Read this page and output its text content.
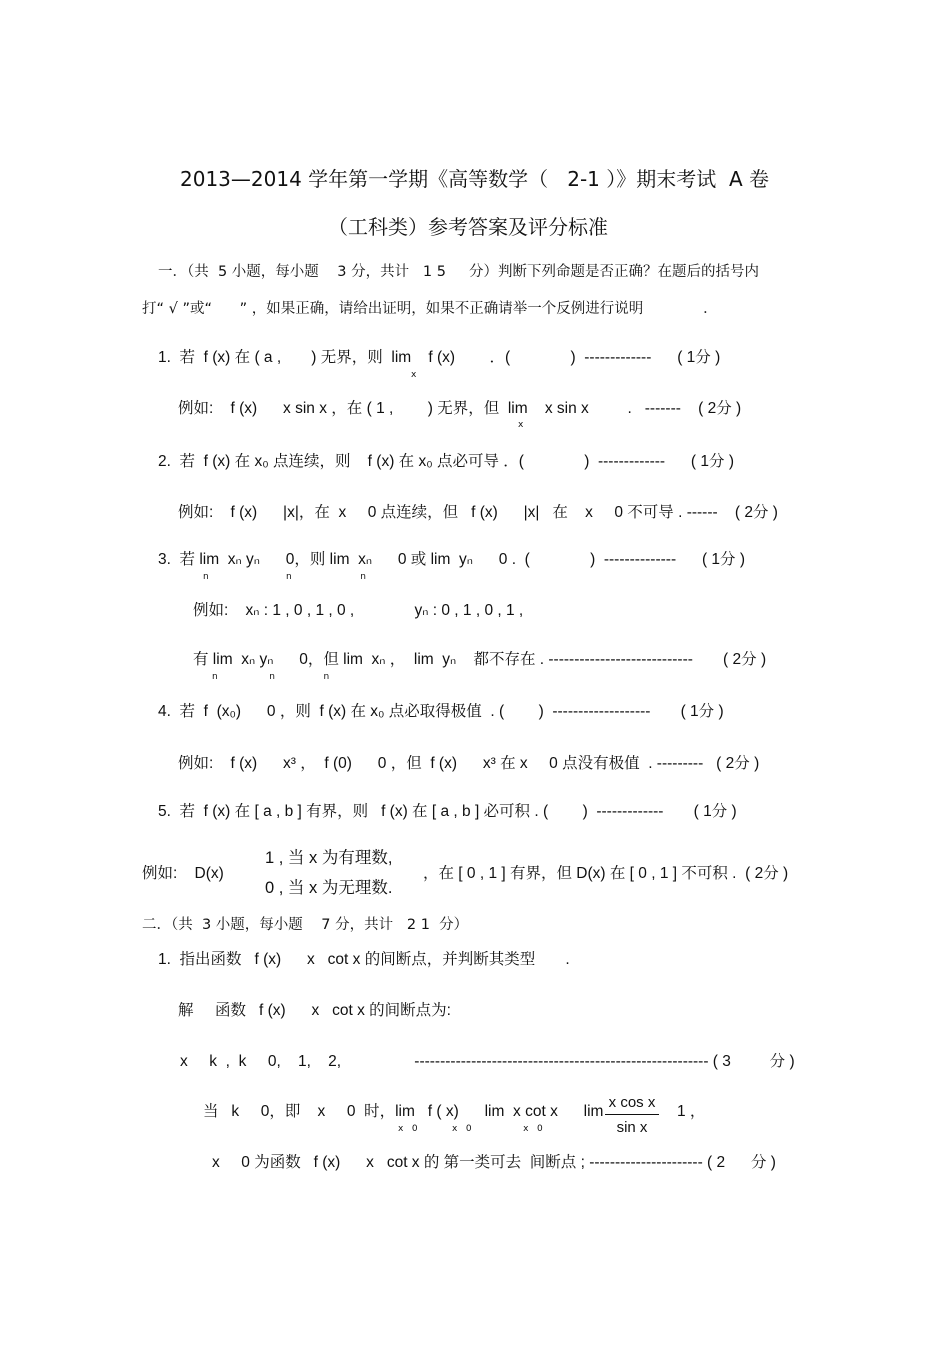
2013—2014 学年第一学期《高等数学（   2-1 ）》期末考试  A 卷
（工科类）参考答案及评分标准
一．（共  5 小题，每小题    3 分，共计   1 5     分）判断下列命题是否正确？在题后的括号内
打“ √ ”或“      ” ，如果正确，请给出证明，如果不正确请举一个反例进行说明             ．
1.  若  f (x) 在 ( a ,       ) 无界，则  lim    f (x)        ．(              )  -------------      ( 1分 )
x
例如:    f (x)      x sin x ，在 ( 1 ,        ) 无界，但  lim    x sin x         .   -------    ( 2分 )
x
2.  若  f (x) 在 x₀ 点连续，则    f (x) 在 x₀ 点必可导 ．(              )  -------------      ( 1分 )
例如:    f (x)      |x|，在  x     0 点连续，但   f (x)      |x|   在    x     0 不可导 . ------    ( 2分 )
3.  若 lim  xₙ yₙ      0，则 lim  xₙ      0 或 lim  yₙ      0 .  (              )  --------------      ( 1分 )
n                           n                        n
例如:    xₙ : 1 , 0 , 1 , 0 ,              yₙ : 0 , 1 , 0 , 1 ,
有 lim  xₙ yₙ      0，但 lim  xₙ ，  lim  yₙ    都不存在 . ----------------------------       ( 2分 )
n                  n                 n
4.  若  f  (x₀)      0 ，则  f (x) 在 x₀ 点必取得极值  . (        )  -------------------       ( 1分 )
例如:    f (x)      x³ ，  f (0)      0 ，但  f (x)      x³ 在 x     0 点没有极值  . ---------   ( 2分 )
5.  若  f (x) 在 [ a , b ] 有界，则   f (x) 在 [ a , b ] 必可积 . (        )  -------------       ( 1分 )
例如:    D(x)
1 , 当 x 为有理数,
0 , 当 x 为无理数.
，在 [ 0 , 1 ] 有界，但 D(x) 在 [ 0 , 1 ] 不可积 .  ( 2分 )
二．（共  3 小题，每小题    7 分，共计   2 1  分）
1.  指出函数   f (x)      x   cot x 的间断点，并判断其类型       .
解     函数   f (x)      x   cot x 的间断点为:
x     k  ,  k     0,    1,    2,                 --------------------------------------------------------- ( 3         分 )
当   k     0，即    x     0  时，lim   f ( x)      lim  x cot x      lim
x   0            x   0                  x   0
x cos x
sin x
1 ，
x     0 为函数   f (x)      x   cot x 的 第一类可去  间断点 ; ---------------------- ( 2      分 )
